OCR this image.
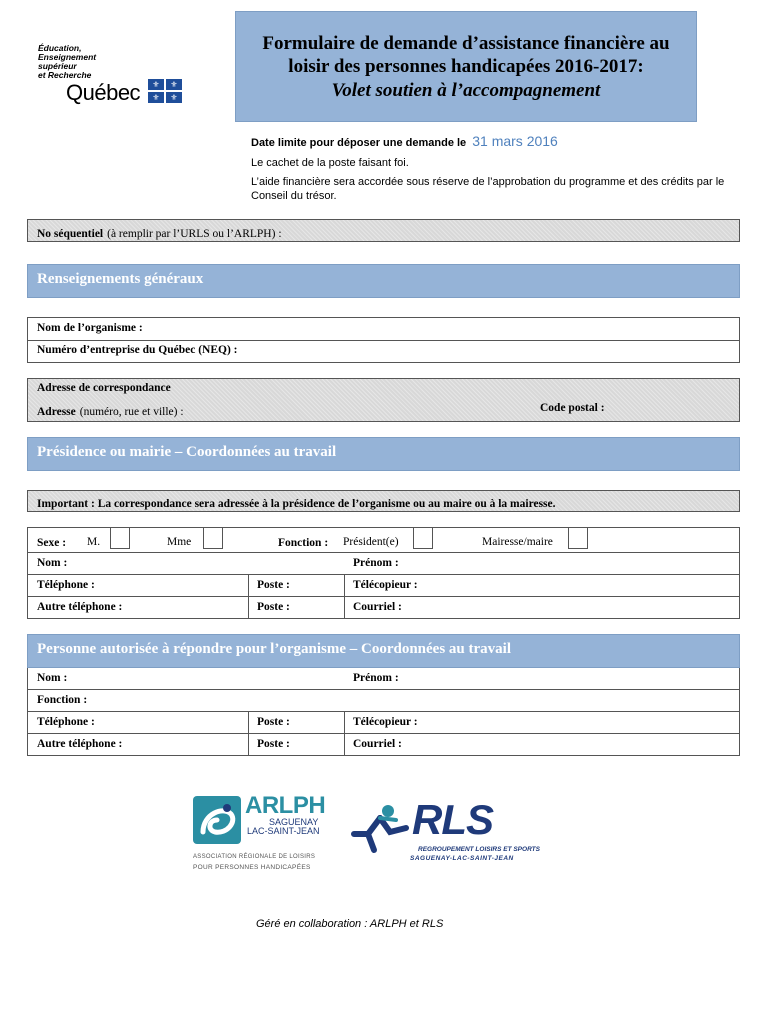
Éducation,
Enseignement
supérieur
et Recherche
Québec	⚜	⚜
⚜	⚜
Formulaire de demande d’assistance financière au
loisir des personnes handicapées 2016-2017:
Volet soutien à l’accompagnement
Date limite pour déposer une demande le 31 mars 2016
Le cachet de la poste faisant foi.
L’aide financière sera accordée sous réserve de l’approbation du programme et des crédits par le Conseil du trésor.
No séquentiel (à remplir par l’URLS ou l’ARLPH) :
Renseignements généraux
Nom de l’organisme :
Numéro d’entreprise du Québec (NEQ) :
Adresse de correspondance
Adresse (numéro, rue et ville) :	Code postal :
Présidence ou mairie – Coordonnées au travail
Important : La correspondance sera adressée à la présidence de l’organisme ou au maire ou à la mairesse.
Sexe : M.	Mme	Fonction : Président(e)	Mairesse/maire
Nom :	Prénom :
Téléphone :	Poste :	Télécopieur :
Autre téléphone :	Poste :	Courriel :
Personne autorisée à répondre pour l’organisme – Coordonnées au travail
Nom :	Prénom :
Fonction :
Téléphone :	Poste :	Télécopieur :
Autre téléphone :	Poste :	Courriel :
ARLPH
SAGUENAY
LAC-SAINT-JEAN
ASSOCIATION RÉGIONALE DE LOISIRS
POUR PERSONNES HANDICAPÉES
RLS
REGROUPEMENT LOISIRS ET SPORTS
SAGUENAY-LAC-SAINT-JEAN
Géré en collaboration : ARLPH et RLS
